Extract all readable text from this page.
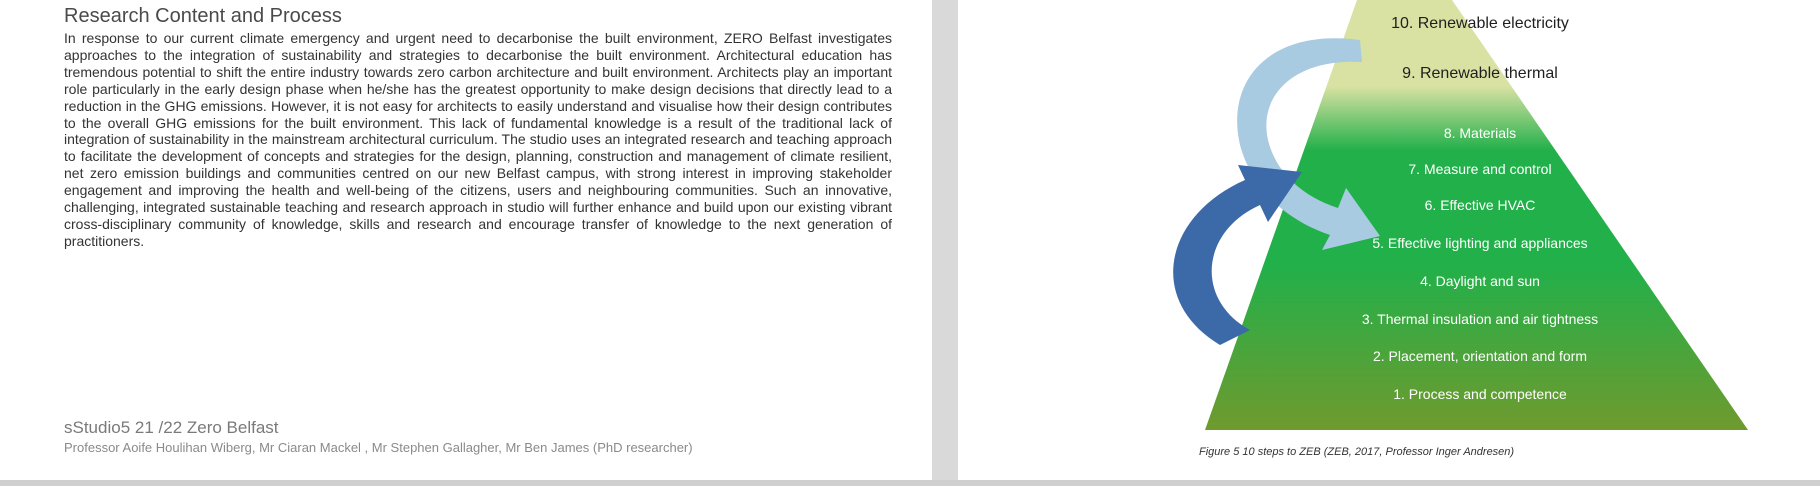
Research Content and Process

In response to our current climate emergency and urgent need to decarbonise the built environment, ZERO Belfast investigates approaches to the integration of sustainability and strategies to decarbonise the built environment. Architectural education has tremendous potential to shift the entire industry towards zero carbon architecture and built environment. Architects play an important role particularly in the early design phase when he/she has the greatest opportunity to make design decisions that directly lead to a reduction in the GHG emissions. However, it is not easy for architects to easily understand and visualise how their design contributes to the overall GHG emissions for the built environment. This lack of fundamental knowledge is a result of the traditional lack of integration of sustainability in the mainstream architectural curriculum. The studio uses an integrated research and teaching approach to facilitate the development of concepts and strategies for the design, planning, construction and management of climate resilient, net zero emission buildings and communities centred on our new Belfast campus, with strong interest in improving stakeholder engagement and improving the health and well-being of the citizens, users and neighbouring communities. Such an innovative, challenging, integrated sustainable teaching and research approach in studio will further enhance and build upon our existing vibrant cross-disciplinary community of knowledge, skills and research and encourage transfer of knowledge to the next generation of practitioners.

sStudio5 21 /22 Zero Belfast
Professor Aoife Houlihan Wiberg, Mr Ciaran Mackel , Mr Stephen Gallagher, Mr Ben James (PhD researcher)
10. Renewable electricity
9. Renewable thermal
8. Materials
7. Measure and control
6. Effective HVAC
5. Effective lighting and appliances
4. Daylight and sun
3. Thermal insulation and air tightness
2. Placement, orientation and form
1. Process and competence
Figure 5 10 steps to ZEB (ZEB, 2017, Professor Inger Andresen)
